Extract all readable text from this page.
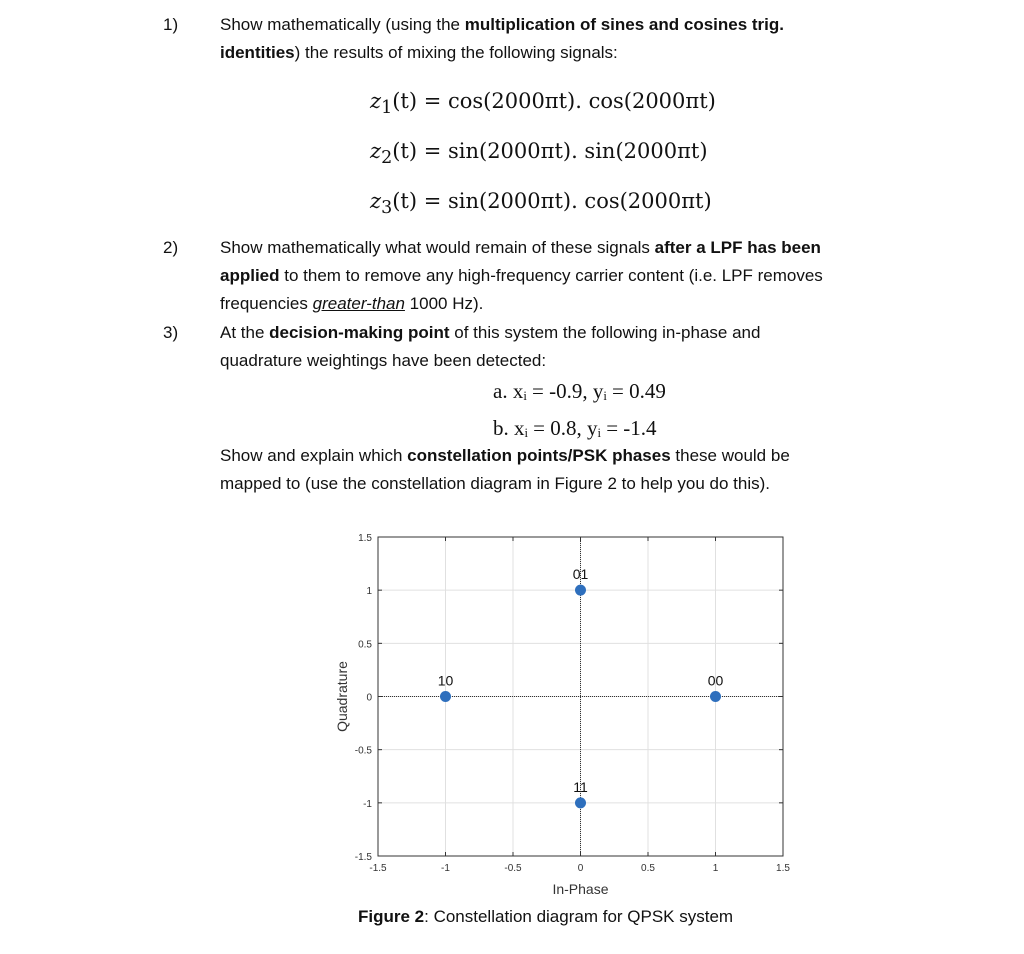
1) Show mathematically (using the multiplication of sines and cosines trig.
identities) the results of mixing the following signals:
$z_1(t) = \cos(2000\pi t)$. cos(2000πt)
$z_2(t) = \sin(2000\pi t)$. sin(2000πt)
$z_3(t) = \sin(2000\pi t)$. cos(2000πt)
2) Show mathematically what would remain of these signals after a LPF has been
applied to them to remove any high-frequency carrier content (i.e. LPF removes
frequencies greater-than 1000 Hz).
3) At the decision-making point of this system the following in-phase and
quadrature weightings have been detected:
a. xᵢ = -0.9, yᵢ = 0.49
b. xᵢ = 0.8, yᵢ = -1.4
Show and explain which constellation points/PSK phases these would be
mapped to (use the constellation diagram in Figure 2 to help you do this).
-1.5	-1	-0.5	0	0.5	1	1.5
1.5
1
0.5
0
-0.5
-1
-1.5
00
01
10
11
In-Phase
Quadrature
Figure 2: Constellation diagram for QPSK system
